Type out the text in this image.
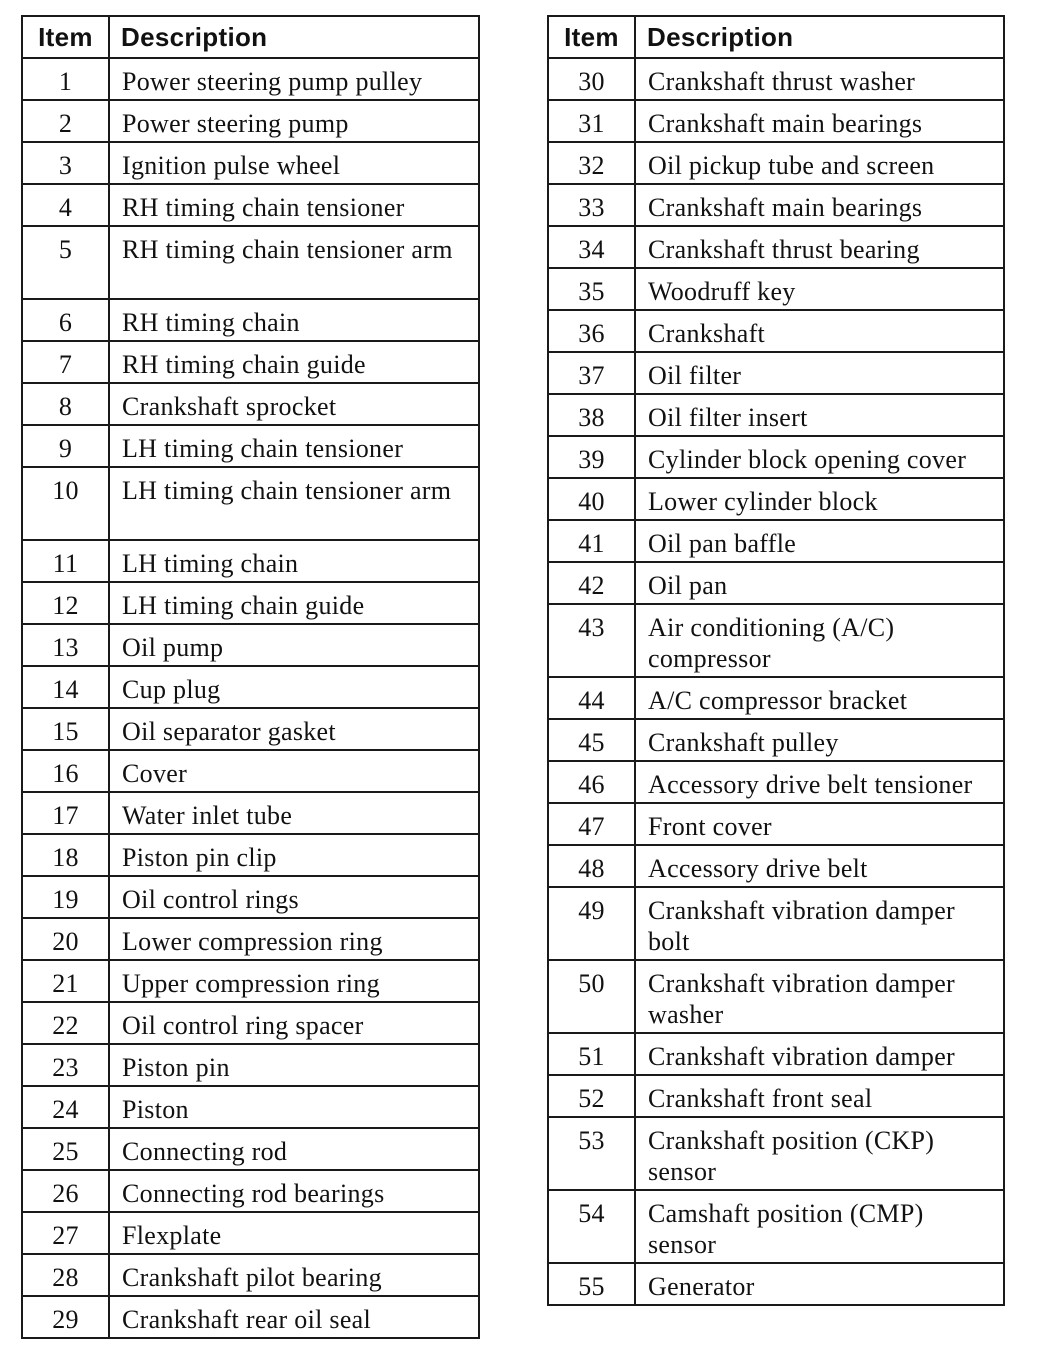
Item	Description
1	Power steering pump pulley
2	Power steering pump
3	Ignition pulse wheel
4	RH timing chain tensioner
5	RH timing chain tensioner arm
6	RH timing chain
7	RH timing chain guide
8	Crankshaft sprocket
9	LH timing chain tensioner
10	LH timing chain tensioner arm
11	LH timing chain
12	LH timing chain guide
13	Oil pump
14	Cup plug
15	Oil separator gasket
16	Cover
17	Water inlet tube
18	Piston pin clip
19	Oil control rings
20	Lower compression ring
21	Upper compression ring
22	Oil control ring spacer
23	Piston pin
24	Piston
25	Connecting rod
26	Connecting rod bearings
27	Flexplate
28	Crankshaft pilot bearing
29	Crankshaft rear oil seal
Item	Description
30	Crankshaft thrust washer
31	Crankshaft main bearings
32	Oil pickup tube and screen
33	Crankshaft main bearings
34	Crankshaft thrust bearing
35	Woodruff key
36	Crankshaft
37	Oil filter
38	Oil filter insert
39	Cylinder block opening cover
40	Lower cylinder block
41	Oil pan baffle
42	Oil pan
43	Air conditioning (A/C) compressor
44	A/C compressor bracket
45	Crankshaft pulley
46	Accessory drive belt tensioner
47	Front cover
48	Accessory drive belt
49	Crankshaft vibration damper bolt
50	Crankshaft vibration damper washer
51	Crankshaft vibration damper
52	Crankshaft front seal
53	Crankshaft position (CKP) sensor
54	Camshaft position (CMP) sensor
55	Generator
